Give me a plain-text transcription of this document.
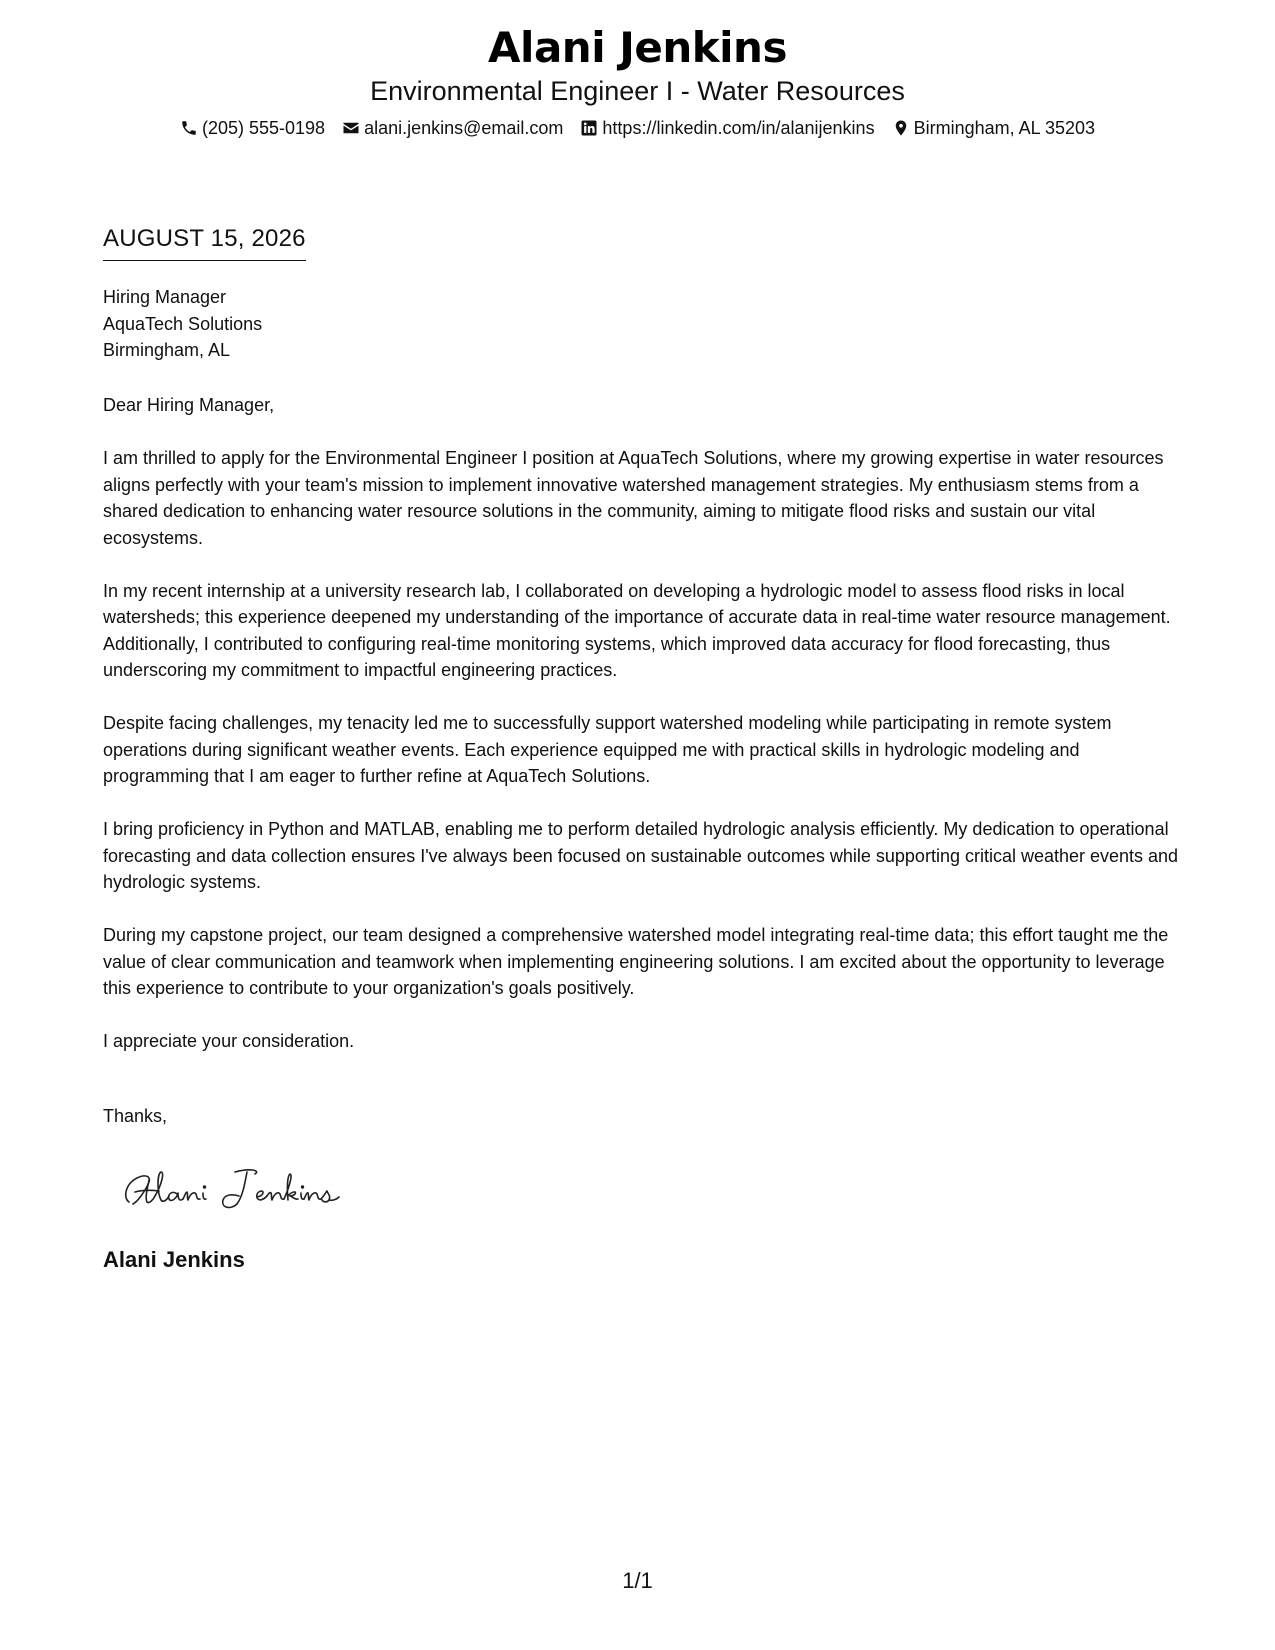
Alani Jenkins
Environmental Engineer I - Water Resources
(205) 555-0198 alani.jenkins@email.com https://linkedin.com/in/alanijenkins Birmingham, AL 35203
AUGUST 15, 2026
Hiring Manager
AquaTech Solutions
Birmingham, AL

Dear Hiring Manager,

I am thrilled to apply for the Environmental Engineer I position at AquaTech Solutions, where my growing expertise in water resources aligns perfectly with your team's mission to implement innovative watershed management strategies. My enthusiasm stems from a shared dedication to enhancing water resource solutions in the community, aiming to mitigate flood risks and sustain our vital ecosystems.

In my recent internship at a university research lab, I collaborated on developing a hydrologic model to assess flood risks in local watersheds; this experience deepened my understanding of the importance of accurate data in real-time water resource management. Additionally, I contributed to configuring real-time monitoring systems, which improved data accuracy for flood forecasting, thus underscoring my commitment to impactful engineering practices.

Despite facing challenges, my tenacity led me to successfully support watershed modeling while participating in remote system operations during significant weather events. Each experience equipped me with practical skills in hydrologic modeling and programming that I am eager to further refine at AquaTech Solutions.

I bring proficiency in Python and MATLAB, enabling me to perform detailed hydrologic analysis efficiently. My dedication to operational forecasting and data collection ensures I've always been focused on sustainable outcomes while supporting critical weather events and hydrologic systems.

During my capstone project, our team designed a comprehensive watershed model integrating real-time data; this effort taught me the value of clear communication and teamwork when implementing engineering solutions. I am excited about the opportunity to leverage this experience to contribute to your organization's goals positively.

I appreciate your consideration.

Thanks,
Alani Jenkins
1/1
